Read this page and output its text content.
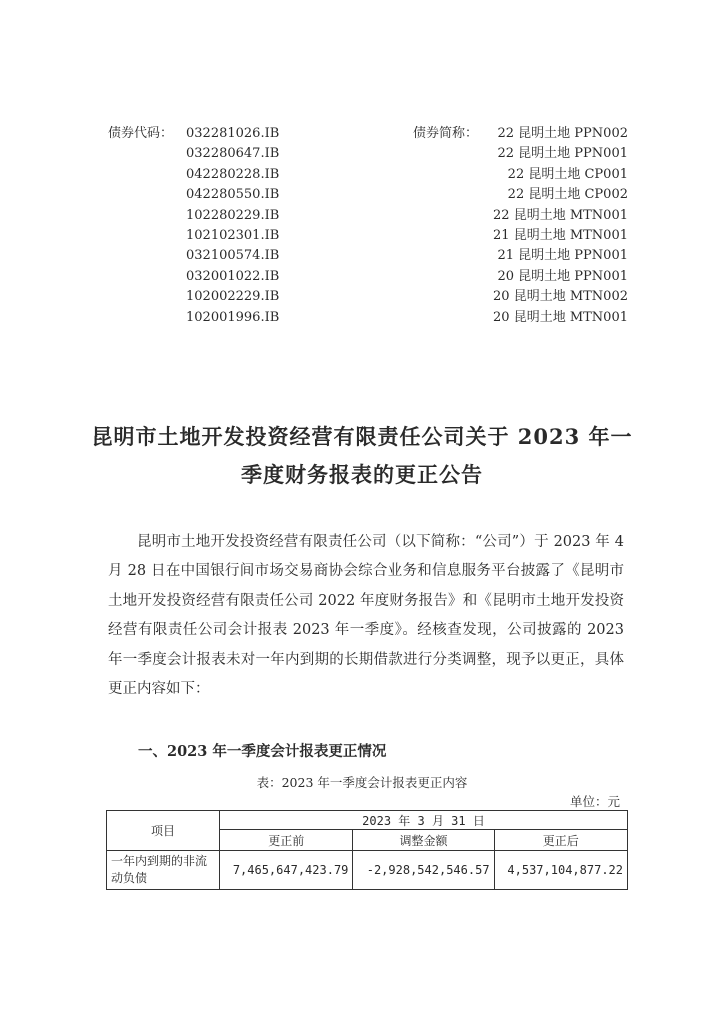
债券代码： 032281026.IB	债券简称：	22 昆明土地 PPN002
032280647.IB	22 昆明土地 PPN001
042280228.IB	22 昆明土地 CP001
042280550.IB	22 昆明土地 CP002
102280229.IB	22 昆明土地 MTN001
102102301.IB	21 昆明土地 MTN001
032100574.IB	21 昆明土地 PPN001
032001022.IB	20 昆明土地 PPN001
102002229.IB	20 昆明土地 MTN002
102001996.IB	20 昆明土地 MTN001
昆明市土地开发投资经营有限责任公司关于 2023 年一
季度财务报表的更正公告

昆明市土地开发投资经营有限责任公司（以下简称：“公司”）于 2023 年 4 月 28 日在中国银行间市场交易商协会综合业务和信息服务平台披露了《昆明市土地开发投资经营有限责任公司 2022 年度财务报告》和《昆明市土地开发投资经营有限责任公司会计报表 2023 年一季度》。经核查发现，公司披露的 2023 年一季度会计报表未对一年内到期的长期借款进行分类调整，现予以更正，具体更正内容如下：

一、2023 年一季度会计报表更正情况
表：2023 年一季度会计报表更正内容
单位：元
项目	2023 年 3 月 31 日		
	更正前	调整金额	更正后
一年内到期的非流动负债	7,465,647,423.79	-2,928,542,546.57	4,537,104,877.22
